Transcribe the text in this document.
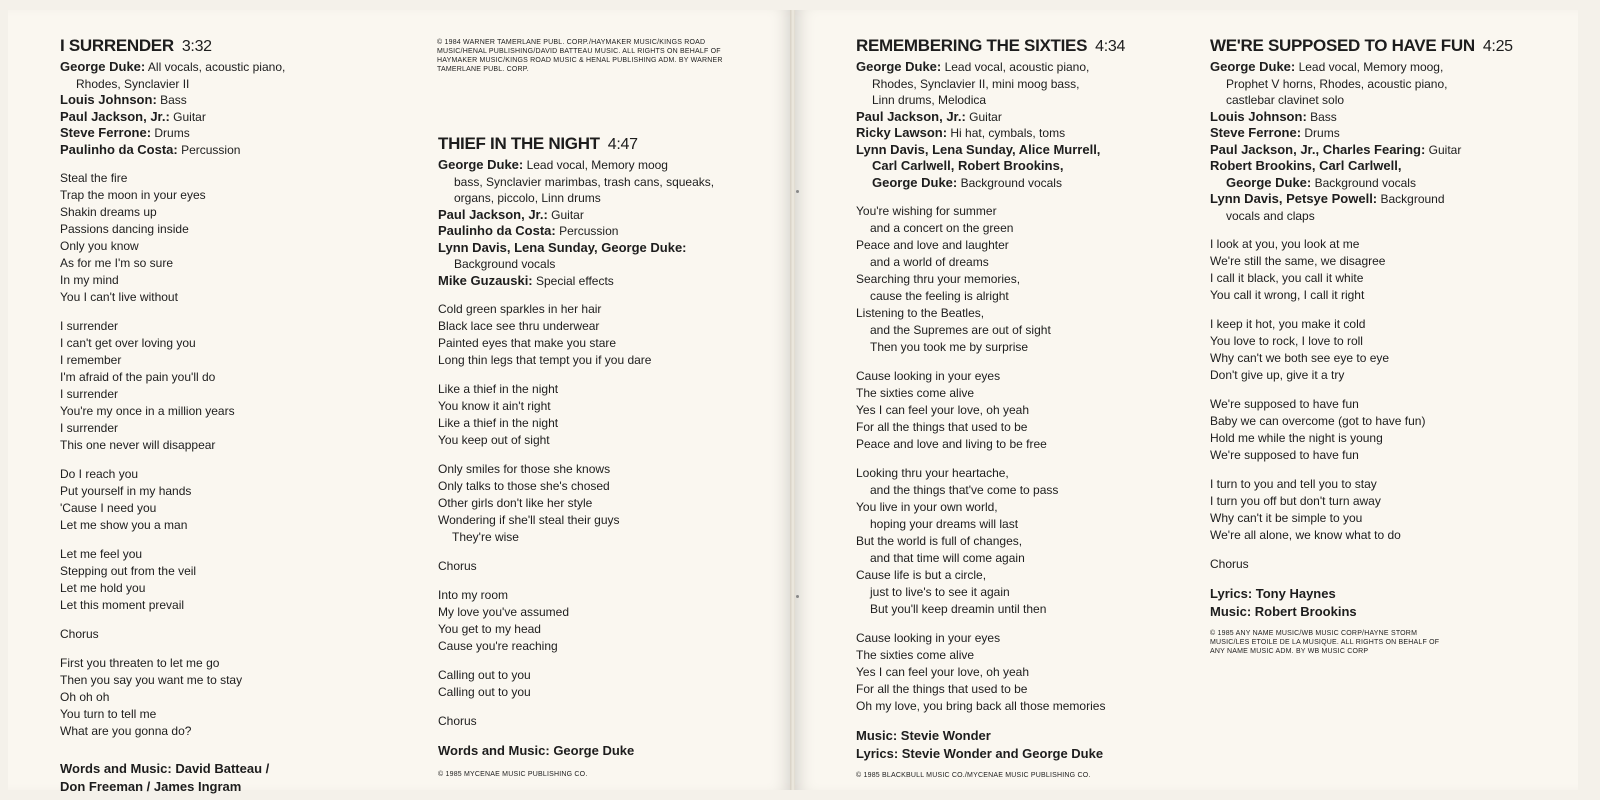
I SURRENDER 3:32
George Duke: All vocals, acoustic piano,
Rhodes, Synclavier II
Louis Johnson: Bass
Paul Jackson, Jr.: Guitar
Steve Ferrone: Drums
Paulinho da Costa: Percussion
Steal the fire
Trap the moon in your eyes
Shakin dreams up
Passions dancing inside
Only you know
As for me I'm so sure
In my mind
You I can't live without
I surrender
I can't get over loving you
I remember
I'm afraid of the pain you'll do
I surrender
You're my once in a million years
I surrender
This one never will disappear
Do I reach you
Put yourself in my hands
'Cause I need you
Let me show you a man
Let me feel you
Stepping out from the veil
Let me hold you
Let this moment prevail
Chorus
First you threaten to let me go
Then you say you want me to stay
Oh oh oh
You turn to tell me
What are you gonna do?
Words and Music: David Batteau /
Don Freeman / James Ingram
© 1984 WARNER TAMERLANE PUBL. CORP./HAYMAKER MUSIC/KINGS ROAD MUSIC/HENAL PUBLISHING/DAVID BATTEAU MUSIC. ALL RIGHTS ON BEHALF OF HAYMAKER MUSIC/KINGS ROAD MUSIC & HENAL PUBLISHING ADM. BY WARNER TAMERLANE PUBL. CORP.
THIEF IN THE NIGHT 4:47
George Duke: Lead vocal, Memory moog
bass, Synclavier marimbas, trash cans, squeaks,
organs, piccolo, Linn drums
Paul Jackson, Jr.: Guitar
Paulinho da Costa: Percussion
Lynn Davis, Lena Sunday, George Duke:
Background vocals
Mike Guzauski: Special effects
Cold green sparkles in her hair
Black lace see thru underwear
Painted eyes that make you stare
Long thin legs that tempt you if you dare
Like a thief in the night
You know it ain't right
Like a thief in the night
You keep out of sight
Only smiles for those she knows
Only talks to those she's chosed
Other girls don't like her style
Wondering if she'll steal their guys
They're wise
Chorus
Into my room
My love you've assumed
You get to my head
Cause you're reaching
Calling out to you
Calling out to you
Chorus
Words and Music: George Duke
© 1985 MYCENAE MUSIC PUBLISHING CO.
REMEMBERING THE SIXTIES 4:34
George Duke: Lead vocal, acoustic piano,
Rhodes, Synclavier II, mini moog bass,
Linn drums, Melodica
Paul Jackson, Jr.: Guitar
Ricky Lawson: Hi hat, cymbals, toms
Lynn Davis, Lena Sunday, Alice Murrell,
Carl Carlwell, Robert Brookins,
George Duke: Background vocals
You're wishing for summer
and a concert on the green
Peace and love and laughter
and a world of dreams
Searching thru your memories,
cause the feeling is alright
Listening to the Beatles,
and the Supremes are out of sight
Then you took me by surprise
Cause looking in your eyes
The sixties come alive
Yes I can feel your love, oh yeah
For all the things that used to be
Peace and love and living to be free
Looking thru your heartache,
and the things that've come to pass
You live in your own world,
hoping your dreams will last
But the world is full of changes,
and that time will come again
Cause life is but a circle,
just to live's to see it again
But you'll keep dreamin until then
Cause looking in your eyes
The sixties come alive
Yes I can feel your love, oh yeah
For all the things that used to be
Oh my love, you bring back all those memories
Music: Stevie Wonder
Lyrics: Stevie Wonder and George Duke
© 1985 BLACKBULL MUSIC CO./MYCENAE MUSIC PUBLISHING CO.
WE'RE SUPPOSED TO HAVE FUN 4:25
George Duke: Lead vocal, Memory moog,
Prophet V horns, Rhodes, acoustic piano,
castlebar clavinet solo
Louis Johnson: Bass
Steve Ferrone: Drums
Paul Jackson, Jr., Charles Fearing: Guitar
Robert Brookins, Carl Carlwell,
George Duke: Background vocals
Lynn Davis, Petsye Powell: Background
vocals and claps
I look at you, you look at me
We're still the same, we disagree
I call it black, you call it white
You call it wrong, I call it right
I keep it hot, you make it cold
You love to rock, I love to roll
Why can't we both see eye to eye
Don't give up, give it a try
We're supposed to have fun
Baby we can overcome (got to have fun)
Hold me while the night is young
We're supposed to have fun
I turn to you and tell you to stay
I turn you off but don't turn away
Why can't it be simple to you
We're all alone, we know what to do
Chorus
Lyrics: Tony Haynes
Music: Robert Brookins
© 1985 ANY NAME MUSIC/WB MUSIC CORP/HAYNE STORM MUSIC/LES ETOILE DE LA MUSIQUE. ALL RIGHTS ON BEHALF OF ANY NAME MUSIC ADM. BY WB MUSIC CORP
